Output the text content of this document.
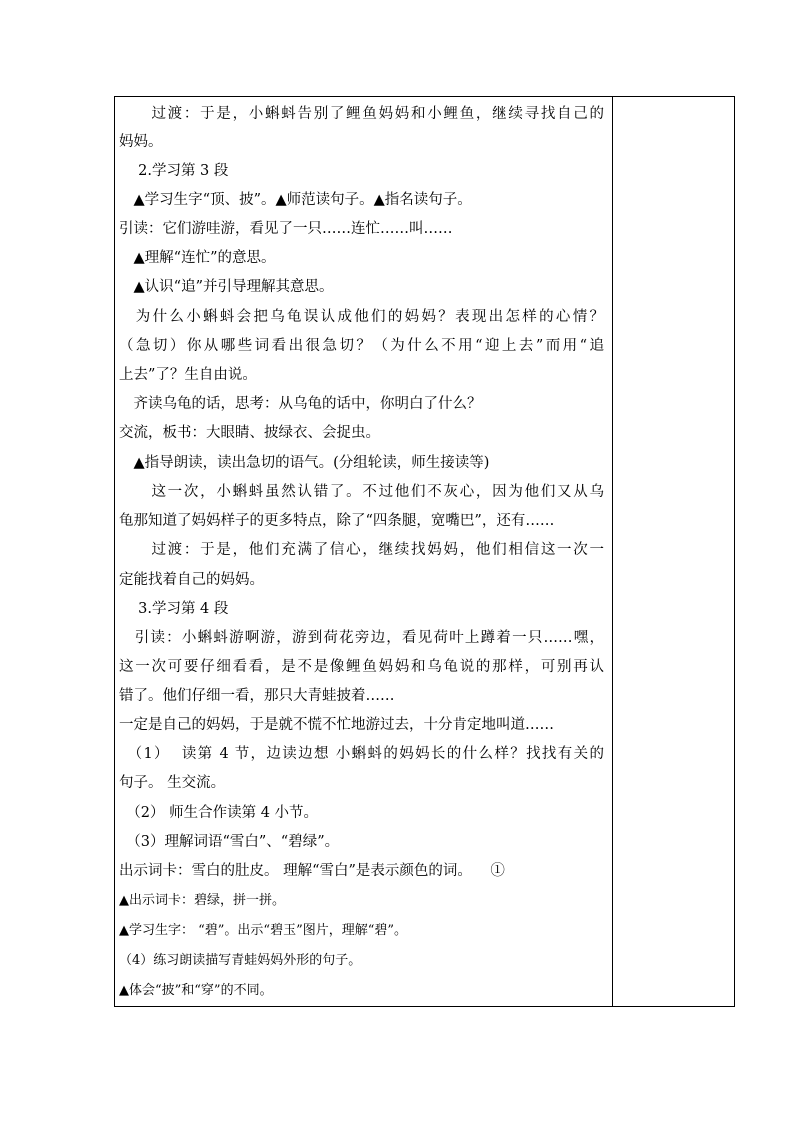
　　过渡：于是，小蝌蚪告别了鲤鱼妈妈和小鲤鱼，继续寻找自己的
妈妈。
　 2.学习第 3 段
　▲学习生字“顶、披”。▲师范读句子。▲指名读句子。
引读：它们游哇游，看见了一只……连忙……叫……
　▲理解“连忙”的意思。
　▲认识“追”并引导理解其意思。
　为什么小蝌蚪会把乌龟误认成他们的妈妈？表现出怎样的心情？
（急切）你从哪些词看出很急切？（为什么不用“迎上去”而用“追
上去”了？生自由说。
　齐读乌龟的话，思考：从乌龟的话中，你明白了什么？
交流，板书：大眼睛、披绿衣、会捉虫。
　▲指导朗读，读出急切的语气。(分组轮读，师生接读等)
　　这一次，小蝌蚪虽然认错了。不过他们不灰心，因为他们又从乌
龟那知道了妈妈样子的更多特点，除了“四条腿，宽嘴巴”，还有……
　　过渡：于是，他们充满了信心，继续找妈妈，他们相信这一次一
定能找着自己的妈妈。
　 3.学习第 4 段
　引读：小蝌蚪游啊游，游到荷花旁边，看见荷叶上蹲着一只……嘿，
这一次可要仔细看看，是不是像鲤鱼妈妈和乌龟说的那样，可别再认
错了。他们仔细一看，那只大青蛙披着……
一定是自己的妈妈，于是就不慌不忙地游过去，十分肯定地叫道……
　（1）  读第 4 节，边读边想 小蝌蚪的妈妈长的什么样？找找有关的
句子。 生交流。
　（2） 师生合作读第 4 小节。
　（3）理解词语“雪白”、“碧绿”。
出示词卡：雪白的肚皮。 理解“雪白”是表示颜色的词。    ①
▲出示词卡：碧绿，拼一拼。
▲学习生字： “碧”。出示“碧玉”图片，理解“碧”。
（4）练习朗读描写青蛙妈妈外形的句子。
▲体会“披”和“穿”的不同。
